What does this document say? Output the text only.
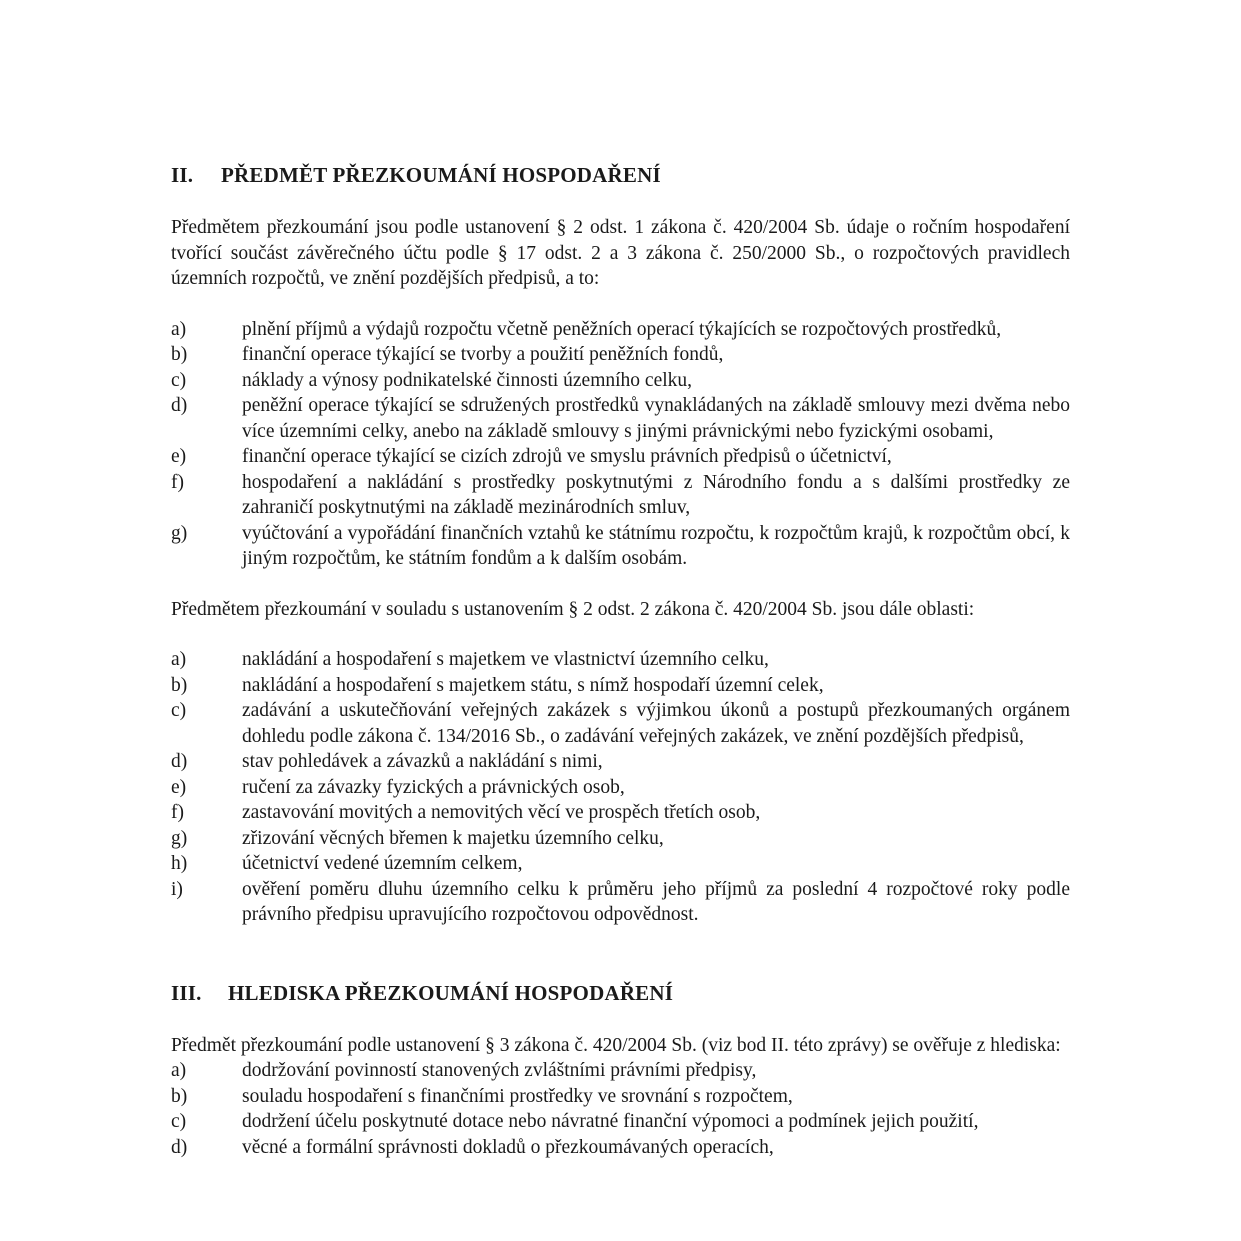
II. PŘEDMĚT PŘEZKOUMÁNÍ HOSPODAŘENÍ

Předmětem přezkoumání jsou podle ustanovení § 2 odst. 1 zákona č. 420/2004 Sb. údaje o ročním hospodaření tvořící součást závěrečného účtu podle § 17 odst. 2 a 3 zákona č. 250/2000 Sb., o rozpočtových pravidlech územních rozpočtů, ve znění pozdějších předpisů, a to:

a)	plnění příjmů a výdajů rozpočtu včetně peněžních operací týkajících se rozpočtových prostředků,
b)	finanční operace týkající se tvorby a použití peněžních fondů,
c)	náklady a výnosy podnikatelské činnosti územního celku,
d)	peněžní operace týkající se sdružených prostředků vynakládaných na základě smlouvy mezi dvěma nebo více územními celky, anebo na základě smlouvy s jinými právnickými nebo fyzickými osobami,
e)	finanční operace týkající se cizích zdrojů ve smyslu právních předpisů o účetnictví,
f)	hospodaření a nakládání s prostředky poskytnutými z Národního fondu a s dalšími prostředky ze zahraničí poskytnutými na základě mezinárodních smluv,
g)	vyúčtování a vypořádání finančních vztahů ke státnímu rozpočtu, k rozpočtům krajů, k rozpočtům obcí, k jiným rozpočtům, ke státním fondům a k dalším osobám.

Předmětem přezkoumání v souladu s ustanovením § 2 odst. 2 zákona č. 420/2004 Sb. jsou dále oblasti:

a)	nakládání a hospodaření s majetkem ve vlastnictví územního celku,
b)	nakládání a hospodaření s majetkem státu, s nímž hospodaří územní celek,
c)	zadávání a uskutečňování veřejných zakázek s výjimkou úkonů a postupů přezkoumaných orgánem dohledu podle zákona č. 134/2016 Sb., o zadávání veřejných zakázek, ve znění pozdějších předpisů,
d)	stav pohledávek a závazků a nakládání s nimi,
e)	ručení za závazky fyzických a právnických osob,
f)	zastavování movitých a nemovitých věcí ve prospěch třetích osob,
g)	zřizování věcných břemen k majetku územního celku,
h)	účetnictví vedené územním celkem,
i)	ověření poměru dluhu územního celku k průměru jeho příjmů za poslední 4 rozpočtové roky podle právního předpisu upravujícího rozpočtovou odpovědnost.
III. HLEDISKA PŘEZKOUMÁNÍ HOSPODAŘENÍ

Předmět přezkoumání podle ustanovení § 3 zákona č. 420/2004 Sb. (viz bod II. této zprávy) se ověřuje z hlediska:

a)	dodržování povinností stanovených zvláštními právními předpisy,
b)	souladu hospodaření s finančními prostředky ve srovnání s rozpočtem,
c)	dodržení účelu poskytnuté dotace nebo návratné finanční výpomoci a podmínek jejich použití,
d)	věcné a formální správnosti dokladů o přezkoumávaných operacích,
